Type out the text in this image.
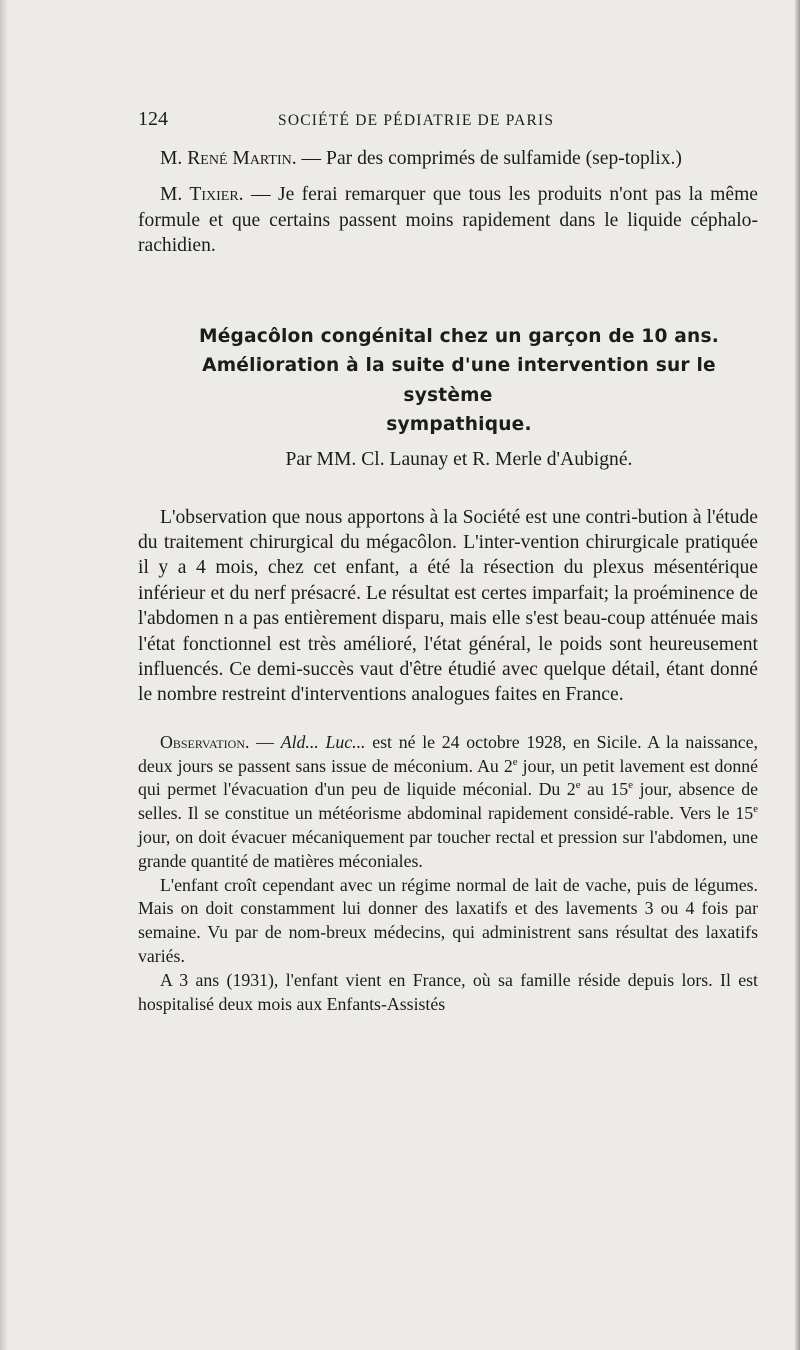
124	SOCIÉTÉ DE PÉDIATRIE DE PARIS

M. René Martin. — Par des comprimés de sulfamide (sep-toplix.)

M. Tixier. — Je ferai remarquer que tous les produits n'ont pas la même formule et que certains passent moins rapidement dans le liquide céphalo-rachidien.

Mégacôlon congénital chez un garçon de 10 ans.

Amélioration à la suite d'une intervention sur le système

sympathique.

Par MM. Cl. Launay et R. Merle d'Aubigné.

L'observation que nous apportons à la Société est une contri-bution à l'étude du traitement chirurgical du mégacôlon. L'inter-vention chirurgicale pratiquée il y a 4 mois, chez cet enfant, a été la résection du plexus mésentérique inférieur et du nerf présacré. Le résultat est certes imparfait; la proéminence de l'abdomen n a pas entièrement disparu, mais elle s'est beau-coup atténuée mais l'état fonctionnel est très amélioré, l'état général, le poids sont heureusement influencés. Ce demi-succès vaut d'être étudié avec quelque détail, étant donné le nombre restreint d'interventions analogues faites en France.

Observation. — Ald... Luc... est né le 24 octobre 1928, en Sicile. A la naissance, deux jours se passent sans issue de méconium. Au 2e jour, un petit lavement est donné qui permet l'évacuation d'un peu de liquide méconial. Du 2e au 15e jour, absence de selles. Il se constitue un météorisme abdominal rapidement considé-rable. Vers le 15e jour, on doit évacuer mécaniquement par toucher rectal et pression sur l'abdomen, une grande quantité de matières méconiales.

L'enfant croît cependant avec un régime normal de lait de vache, puis de légumes. Mais on doit constamment lui donner des laxatifs et des lavements 3 ou 4 fois par semaine. Vu par de nom-breux médecins, qui administrent sans résultat des laxatifs variés.

A 3 ans (1931), l'enfant vient en France, où sa famille réside depuis lors. Il est hospitalisé deux mois aux Enfants-Assistés
